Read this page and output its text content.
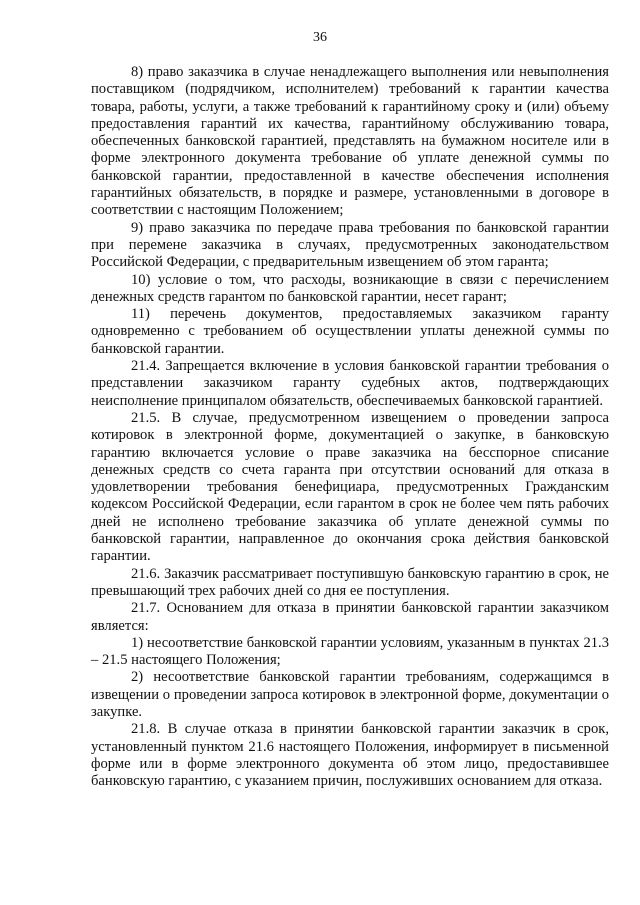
36

8) право заказчика в случае ненадлежащего выполнения или невыполнения поставщиком (подрядчиком, исполнителем) требований к гарантии качества товара, работы, услуги, а также требований к гарантийному сроку и (или) объему предоставления гарантий их качества, гарантийному обслуживанию товара, обеспеченных банковской гарантией, представлять на бумажном носителе или в форме электронного документа требование об уплате денежной суммы по банковской гарантии, предоставленной в качестве обеспечения исполнения гарантийных обязательств, в порядке и размере, установленными в договоре в соответствии с настоящим Положением;

9) право заказчика по передаче права требования по банковской гарантии при перемене заказчика в случаях, предусмотренных законодательством Российской Федерации, с предварительным извещением об этом гаранта;

10) условие о том, что расходы, возникающие в связи с перечислением денежных средств гарантом по банковской гарантии, несет гарант;

11) перечень документов, предоставляемых заказчиком гаранту одновременно с требованием об осуществлении уплаты денежной суммы по банковской гарантии.

21.4. Запрещается включение в условия банковской гарантии требования о представлении заказчиком гаранту судебных актов, подтверждающих неисполнение принципалом обязательств, обеспечиваемых банковской гарантией.

21.5. В случае, предусмотренном извещением о проведении запроса котировок в электронной форме, документацией о закупке, в банковскую гарантию включается условие о праве заказчика на бесспорное списание денежных средств со счета гаранта при отсутствии оснований для отказа в удовлетворении требования бенефициара, предусмотренных Гражданским кодексом Российской Федерации, если гарантом в срок не более чем пять рабочих дней не исполнено требование заказчика об уплате денежной суммы по банковской гарантии, направленное до окончания срока действия банковской гарантии.

21.6. Заказчик рассматривает поступившую банковскую гарантию в срок, не превышающий трех рабочих дней со дня ее поступления.

21.7. Основанием для отказа в принятии банковской гарантии заказчиком является:

1) несоответствие банковской гарантии условиям, указанным в пунктах 21.3 – 21.5 настоящего Положения;

2) несоответствие банковской гарантии требованиям, содержащимся в извещении о проведении запроса котировок в электронной форме, документации о закупке.

21.8. В случае отказа в принятии банковской гарантии заказчик в срок, установленный пунктом 21.6 настоящего Положения, информирует в письменной форме или в форме электронного документа об этом лицо, предоставившее банковскую гарантию, с указанием причин, послуживших основанием для отказа.
